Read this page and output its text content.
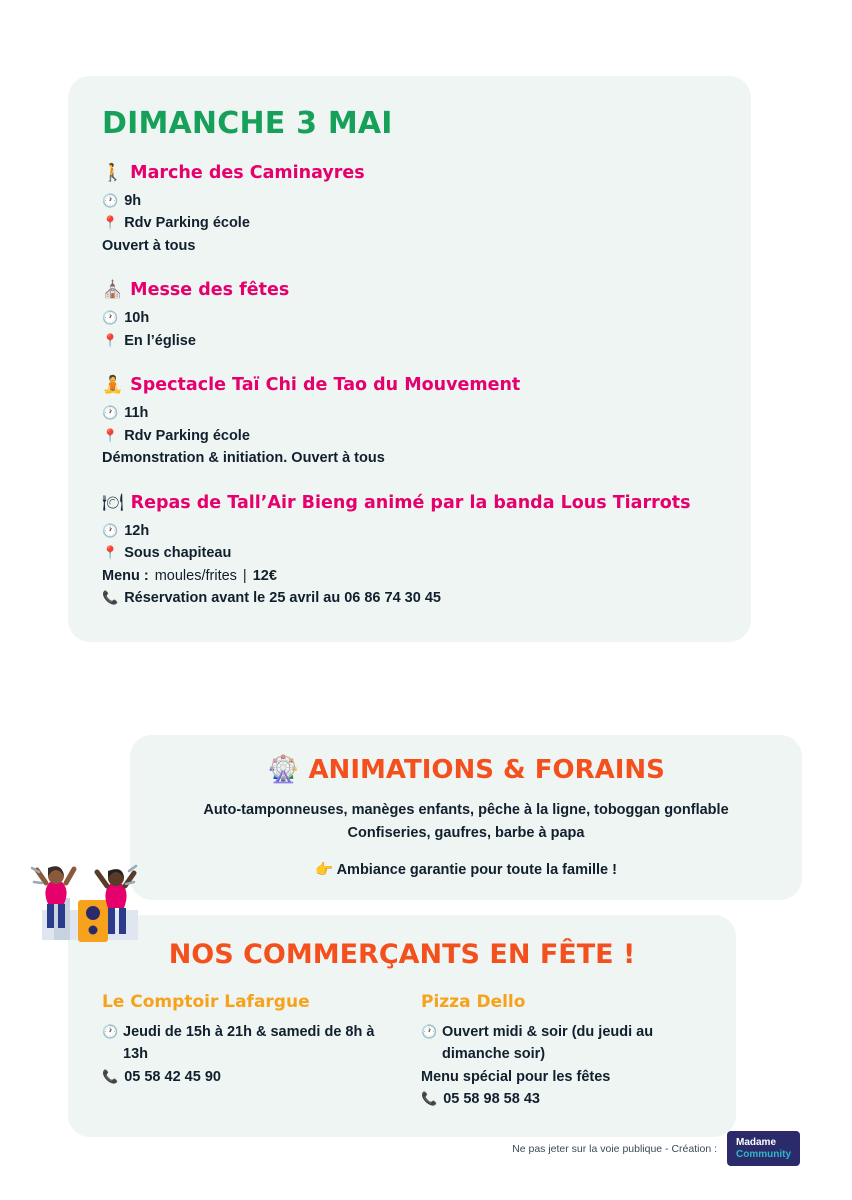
DIMANCHE 3 MAI
🚶 Marche des Caminayres
🕐 9h
📍 Rdv Parking école
Ouvert à tous
⛪ Messe des fêtes
🕐 10h
📍 En l’église
🧘 Spectacle Taï Chi de Tao du Mouvement
🕐 11h
📍 Rdv Parking école
Démonstration & initiation. Ouvert à tous
🍽 Repas de Tall’Air Bieng animé par la banda Lous Tiarrots
🕐 12h
📍 Sous chapiteau
Menu : moules/frites | 12€
📞 Réservation avant le 25 avril au 06 86 74 30 45
🎡 ANIMATIONS & FORAINS
Auto-tamponneuses, manèges enfants, pêche à la ligne, toboggan gonflable
Confiseries, gaufres, barbe à papa
👉 Ambiance garantie pour toute la famille !
NOS COMMERÇANTS EN FÊTE !
Le Comptoir Lafargue
🕐 Jeudi de 15h à 21h & samedi de 8h à 13h
📞 05 58 42 45 90
Pizza Dello
🕐 Ouvert midi & soir (du jeudi au dimanche soir)
Menu spécial pour les fêtes
📞 05 58 98 58 43
Ne pas jeter sur la voie publique - Création : Madame
Community
